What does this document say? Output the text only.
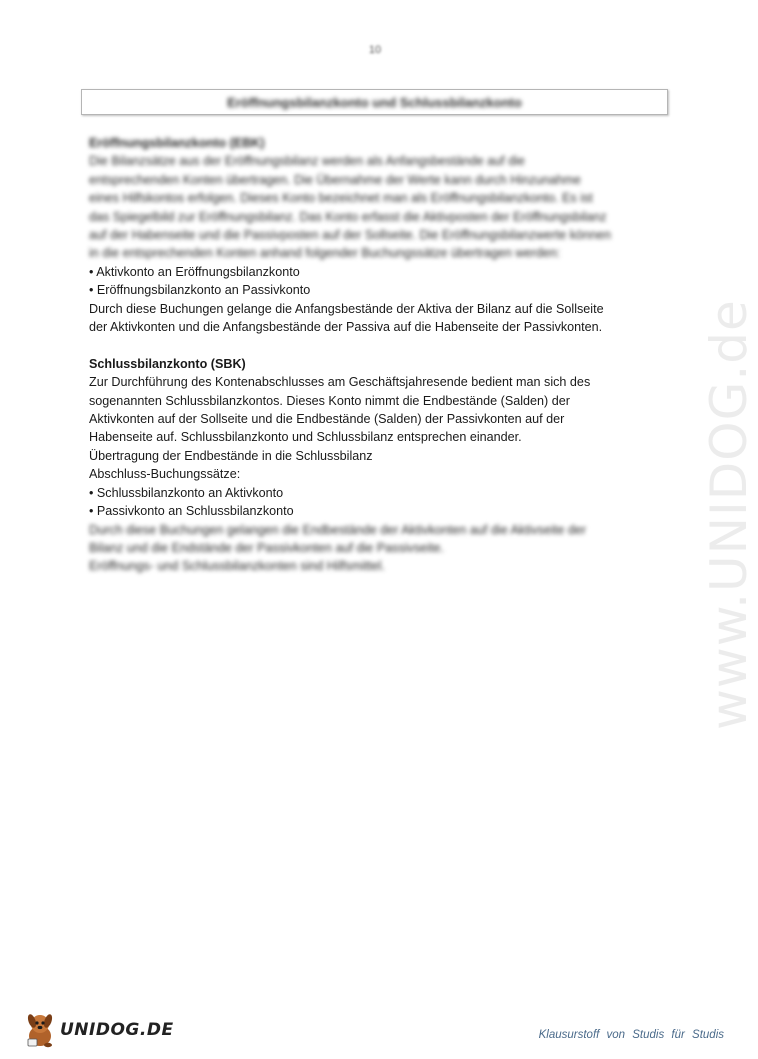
10
Eröffnungsbilanzkonto und Schlussbilanzkonto
Eröffnungsbilanzkonto (EBK)
Die Bilanzsätze aus der Eröffnungsbilanz werden als Anfangsbestände auf die
entsprechenden Konten übertragen. Die Übernahme der Werte kann durch Hinzunahme
eines Hilfskontos erfolgen. Dieses Konto bezeichnet man als Eröffnungsbilanzkonto. Es ist
das Spiegelbild zur Eröffnungsbilanz. Das Konto erfasst die Aktivposten der Eröffnungsbilanz
auf der Habenseite und die Passivposten auf der Sollseite. Die Eröffnungsbilanzwerte können
in die entsprechenden Konten anhand folgender Buchungssätze übertragen werden:
• Aktivkonto an Eröffnungsbilanzkonto
• Eröffnungsbilanzkonto an Passivkonto
Durch diese Buchungen gelange die Anfangsbestände der Aktiva der Bilanz auf die Sollseite
der Aktivkonten und die Anfangsbestände der Passiva auf die Habenseite der Passivkonten.
Schlussbilanzkonto (SBK)
Zur Durchführung des Kontenabschlusses am Geschäftsjahresende bedient man sich des
sogenannten Schlussbilanzkontos. Dieses Konto nimmt die Endbestände (Salden) der
Aktivkonten auf der Sollseite und die Endbestände (Salden) der Passivkonten auf der
Habenseite auf. Schlussbilanzkonto und Schlussbilanz entsprechen einander.
Übertragung der Endbestände in die Schlussbilanz
Abschluss-Buchungssätze:
• Schlussbilanzkonto an Aktivkonto
• Passivkonto an Schlussbilanzkonto
Durch diese Buchungen gelangen die Endbestände der Aktivkonten auf die Aktivseite der
Bilanz und die Endstände der Passivkonten auf die Passivseite.
Eröffnungs- und Schlussbilanzkonten sind Hilfsmittel.	www.UNIDOG.de
UNIDOG.DE	Klausurstoff von Studis für Studis
